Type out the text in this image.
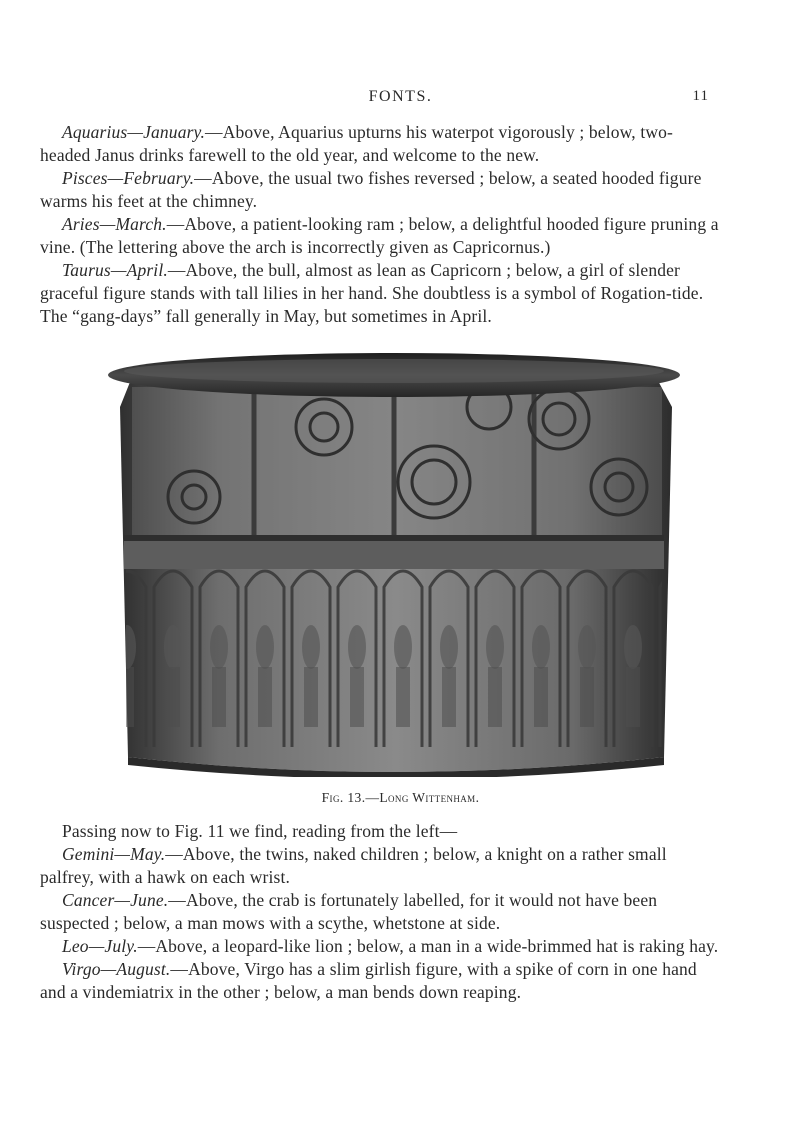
FONTS.	11

Aquarius—January.—Above, Aquarius upturns his waterpot vigorously ; below, two-headed Janus drinks farewell to the old year, and welcome to the new.

Pisces—February.—Above, the usual two fishes reversed ; below, a seated hooded figure warms his feet at the chimney.

Aries—March.—Above, a patient-looking ram ; below, a delightful hooded figure pruning a vine. (The lettering above the arch is incorrectly given as Capricornus.)

Taurus—April.—Above, the bull, almost as lean as Capricorn ; below, a girl of slender graceful figure stands with tall lilies in her hand. She doubtless is a symbol of Rogation-tide. The “gang-days” fall generally in May, but sometimes in April.

Fig. 13.—Long Wittenham.

Passing now to Fig. 11 we find, reading from the left—

Gemini—May.—Above, the twins, naked children ; below, a knight on a rather small palfrey, with a hawk on each wrist.

Cancer—June.—Above, the crab is fortunately labelled, for it would not have been suspected ; below, a man mows with a scythe, whetstone at side.

Leo—July.—Above, a leopard-like lion ; below, a man in a wide-brimmed hat is raking hay.

Virgo—August.—Above, Virgo has a slim girlish figure, with a spike of corn in one hand and a vindemiatrix in the other ; below, a man bends down reaping.
